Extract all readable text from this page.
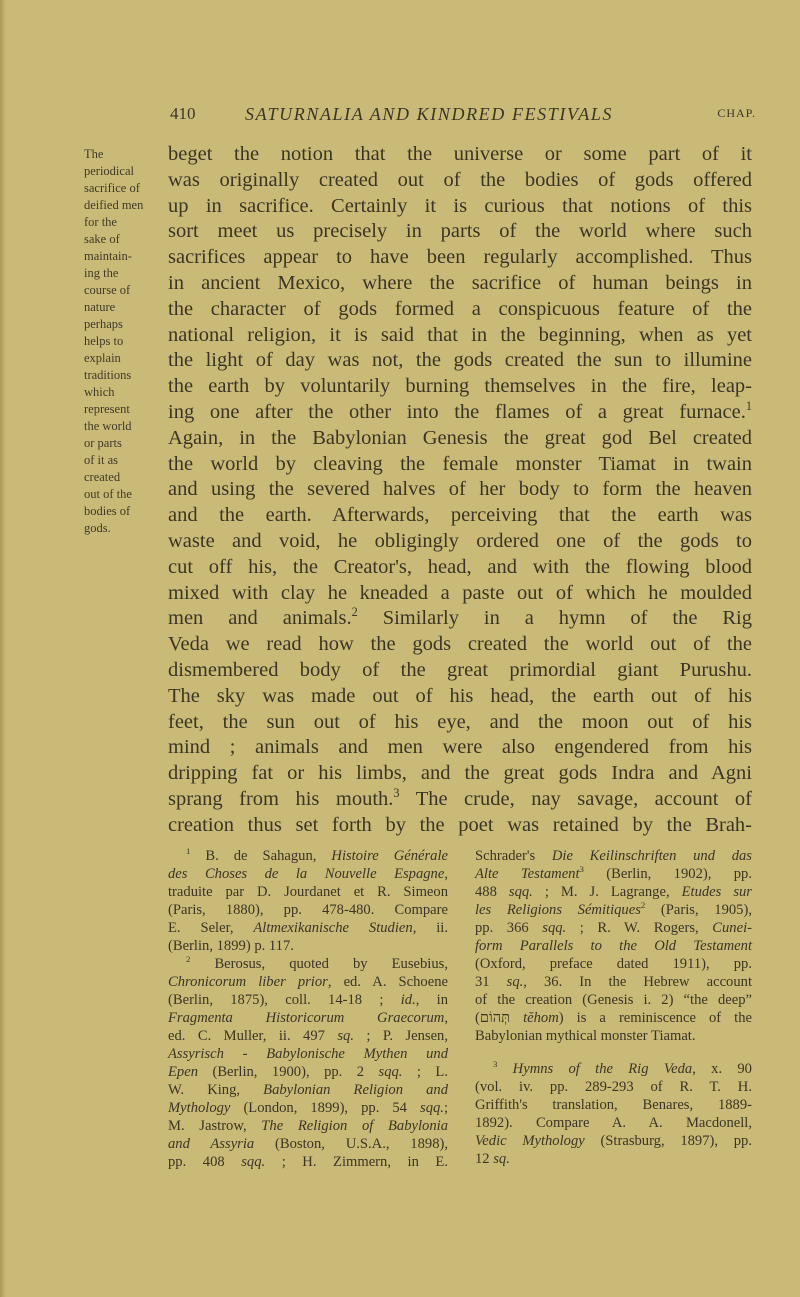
410	SATURNALIA AND KINDRED FESTIVALS	CHAP.
The
periodical
sacrifice of
deified men
for the
sake of
maintain-
ing the
course of
nature
perhaps
helps to
explain
traditions
which
represent
the world
or parts
of it as
created
out of the
bodies of
gods.
beget the notion that the universe or some part of it
was originally created out of the bodies of gods offered
up in sacrifice. Certainly it is curious that notions of this
sort meet us precisely in parts of the world where such
sacrifices appear to have been regularly accomplished. Thus
in ancient Mexico, where the sacrifice of human beings in
the character of gods formed a conspicuous feature of the
national religion, it is said that in the beginning, when as yet
the light of day was not, the gods created the sun to illumine
the earth by voluntarily burning themselves in the fire, leap-
ing one after the other into the flames of a great furnace.$^1$
Again, in the Babylonian Genesis the great god Bel created
the world by cleaving the female monster Tiamat in twain
and using the severed halves of her body to form the heaven
and the earth. Afterwards, perceiving that the earth was
waste and void, he obligingly ordered one of the gods to
cut off his, the Creator's, head, and with the flowing blood
mixed with clay he kneaded a paste out of which he moulded
men and animals.$^2$ Similarly in a hymn of the Rig
Veda we read how the gods created the world out of the
dismembered body of the great primordial giant Purushu.
The sky was made out of his head, the earth out of his
feet, the sun out of his eye, and the moon out of his
mind ; animals and men were also engendered from his
dripping fat or his limbs, and the great gods Indra and Agni
sprang from his mouth.$^3$ The crude, nay savage, account of
creation thus set forth by the poet was retained by the Brah-
$^1$ B. de Sahagun, Histoire Générale
des Choses de la Nouvelle Espagne,
traduite par D. Jourdanet et R. Simeon
(Paris, 1880), pp. 478-480. Compare
E. Seler, Altmexikanische Studien, ii.
(Berlin, 1899) p. 117.
$^2$ Berosus, quoted by Eusebius,
Chronicorum liber prior, ed. A. Schoene
(Berlin, 1875), coll. 14-18 ; id., in
Fragmenta Historicorum Graecorum,
ed. C. Muller, ii. 497 sq. ; P. Jensen,
Assyrisch - Babylonische Mythen und
Epen (Berlin, 1900), pp. 2 sqq. ; L.
W. King, Babylonian Religion and
Mythology (London, 1899), pp. 54 sqq.;
M. Jastrow, The Religion of Babylonia
and Assyria (Boston, U.S.A., 1898),
pp. 408 sqq. ; H. Zimmern, in E.
Schrader's Die Keilinschriften und das
Alte Testament$^3$ (Berlin, 1902), pp.
488 sqq. ; M. J. Lagrange, Etudes sur
les Religions Sémitiques$^2$ (Paris, 1905),
pp. 366 sqq. ; R. W. Rogers, Cunei-
form Parallels to the Old Testament
(Oxford, preface dated 1911), pp.
31 sq., 36. In the Hebrew account
of the creation (Genesis i. 2) “the deep”
(תְּהוֹם tĕhom) is a reminiscence of the
Babylonian mythical monster Tiamat.
$^3$ Hymns of the Rig Veda, x. 90
(vol. iv. pp. 289-293 of R. T. H.
Griffith's translation, Benares, 1889-
1892). Compare A. A. Macdonell,
Vedic Mythology (Strasburg, 1897), pp.
12 sq.
